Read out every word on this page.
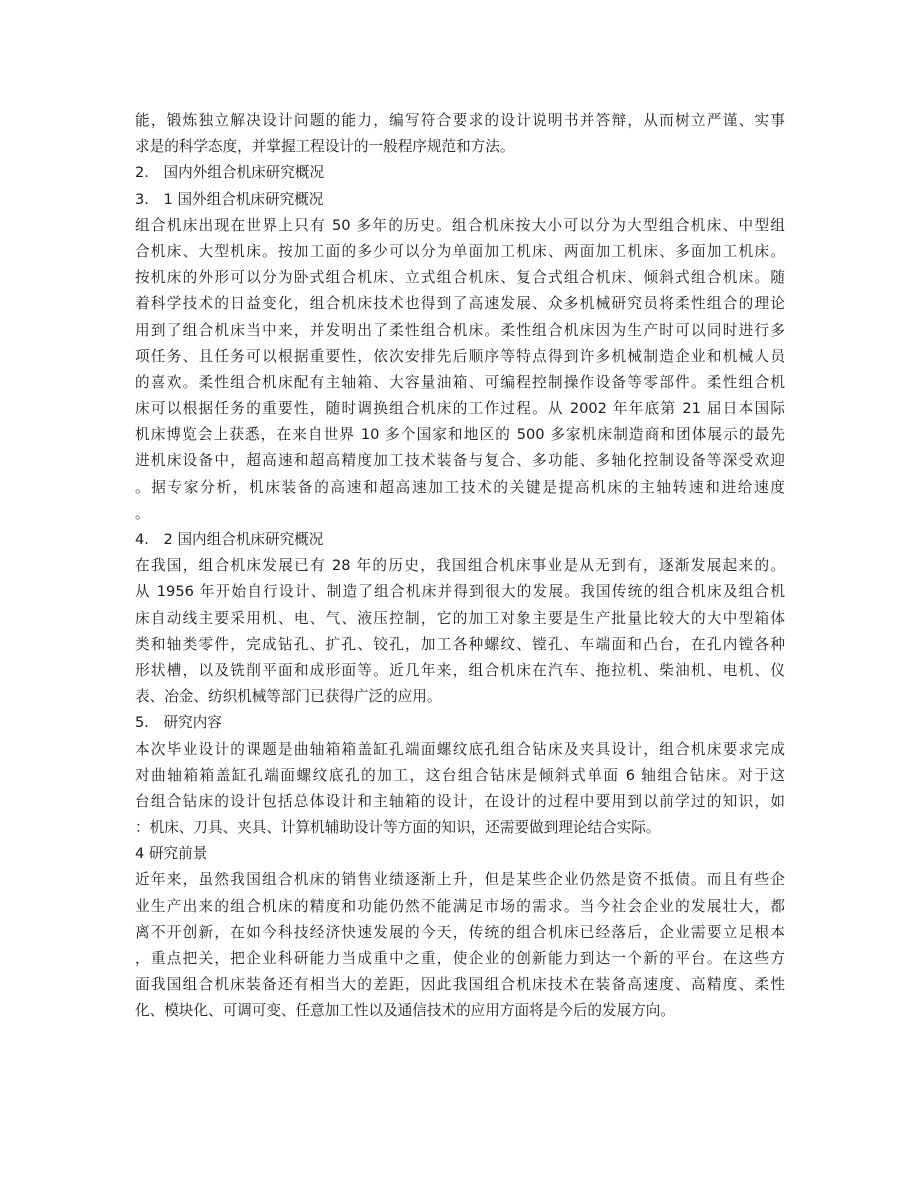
能，锻炼独立解决设计问题的能力，编写符合要求的设计说明书并答辩，从而树立严谨、实事
求是的科学态度，并掌握工程设计的一般程序规范和方法。
2.　国内外组合机床研究概况
3.　1 国外组合机床研究概况
组合机床出现在世界上只有 50 多年的历史。组合机床按大小可以分为大型组合机床、中型组
合机床、大型机床。按加工面的多少可以分为单面加工机床、两面加工机床、多面加工机床。
按机床的外形可以分为卧式组合机床、立式组合机床、复合式组合机床、倾斜式组合机床。随
着科学技术的日益变化，组合机床技术也得到了高速发展、众多机械研究员将柔性组合的理论
用到了组合机床当中来，并发明出了柔性组合机床。柔性组合机床因为生产时可以同时进行多
项任务、且任务可以根据重要性，依次安排先后顺序等特点得到许多机械制造企业和机械人员
的喜欢。柔性组合机床配有主轴箱、大容量油箱、可编程控制操作设备等零部件。柔性组合机
床可以根据任务的重要性，随时调换组合机床的工作过程。从 2002 年年底第 21 届日本国际
机床博览会上获悉，在来自世界 10 多个国家和地区的 500 多家机床制造商和团体展示的最先
进机床设备中，超高速和超高精度加工技术装备与复合、多功能、多轴化控制设备等深受欢迎
。据专家分析，机床装备的高速和超高速加工技术的关键是提高机床的主轴转速和进给速度
。
4.　2 国内组合机床研究概况
在我国，组合机床发展已有 28 年的历史，我国组合机床事业是从无到有，逐渐发展起来的。
从 1956 年开始自行设计、制造了组合机床并得到很大的发展。我国传统的组合机床及组合机
床自动线主要采用机、电、气、液压控制，它的加工对象主要是生产批量比较大的大中型箱体
类和轴类零件，完成钻孔、扩孔、铰孔，加工各种螺纹、镗孔、车端面和凸台，在孔内镗各种
形状槽，以及铣削平面和成形面等。近几年来，组合机床在汽车、拖拉机、柴油机、电机、仪
表、冶金、纺织机械等部门已获得广泛的应用。
5.　研究内容
本次毕业设计的课题是曲轴箱箱盖缸孔端面螺纹底孔组合钻床及夹具设计，组合机床要求完成
对曲轴箱箱盖缸孔端面螺纹底孔的加工，这台组合钻床是倾斜式单面 6 轴组合钻床。对于这
台组合钻床的设计包括总体设计和主轴箱的设计，在设计的过程中要用到以前学过的知识，如
：机床、刀具、夹具、计算机辅助设计等方面的知识，还需要做到理论结合实际。
4 研究前景
近年来，虽然我国组合机床的销售业绩逐渐上升，但是某些企业仍然是资不抵债。而且有些企
业生产出来的组合机床的精度和功能仍然不能满足市场的需求。当今社会企业的发展壮大，都
离不开创新，在如今科技经济快速发展的今天，传统的组合机床已经落后，企业需要立足根本
，重点把关，把企业科研能力当成重中之重，使企业的创新能力到达一个新的平台。在这些方
面我国组合机床装备还有相当大的差距，因此我国组合机床技术在装备高速度、高精度、柔性
化、模块化、可调可变、任意加工性以及通信技术的应用方面将是今后的发展方向。
